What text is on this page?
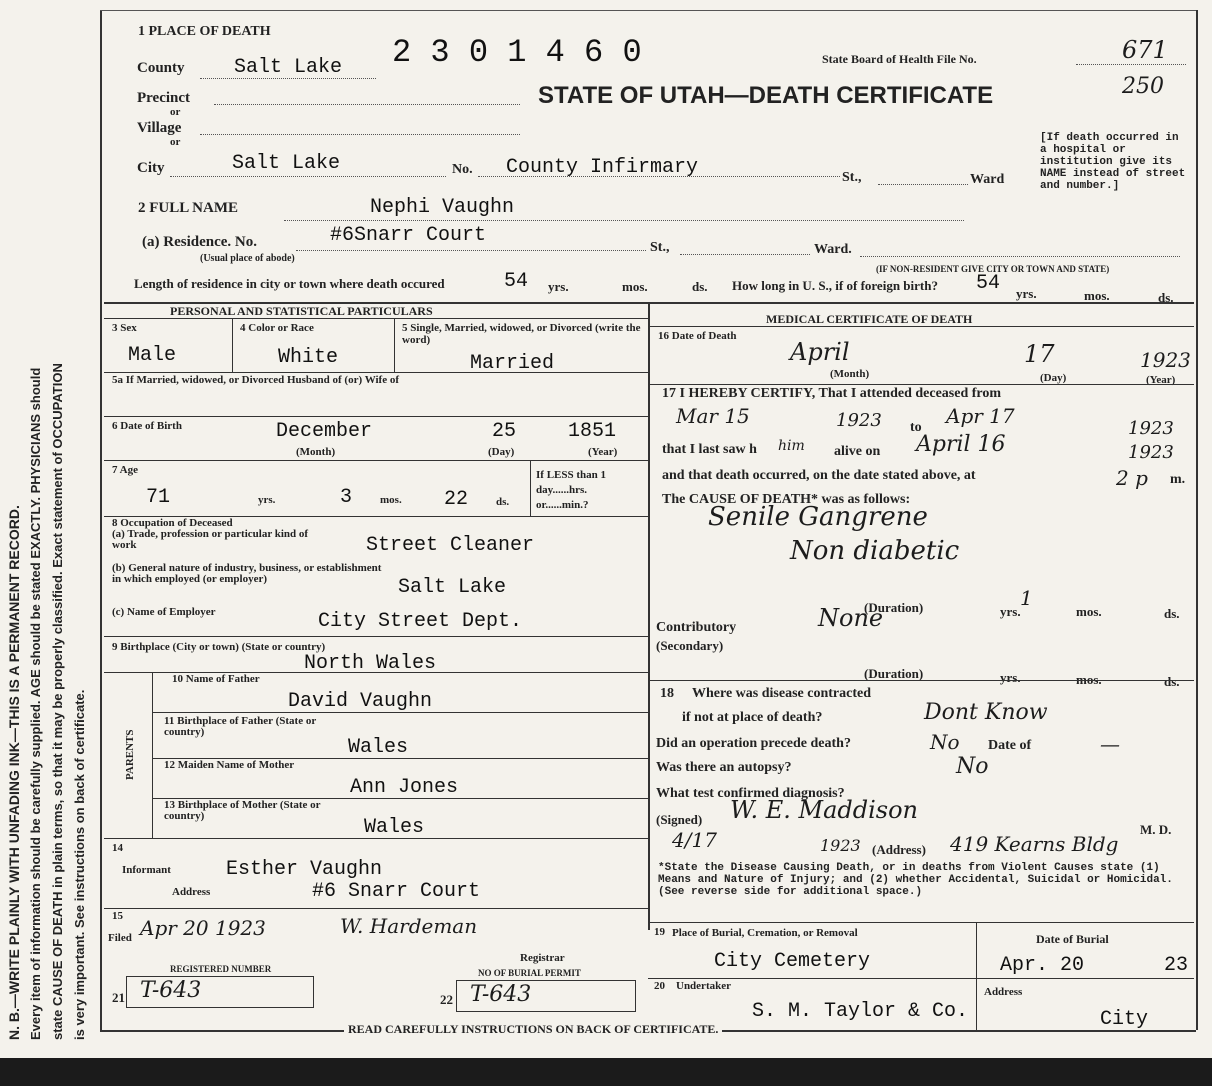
N. B.—WRITE PLAINLY WITH UNFADING INK—THIS IS A PERMANENT RECORD. Every item of information should be carefully supplied. AGE should be stated EXACTLY. PHYSICIANS should state CAUSE OF DEATH in plain terms, so that it may be properly classified. Exact statement of OCCUPATION is very important. See instructions on back of certificate.
1 PLACE OF DEATH
2 3 0 1 4 6 0	State Board of Health File No.	671
STATE OF UTAH—DEATH CERTIFICATE	250
County Salt Lake
Precinct
or
Village
or
City	Salt Lake	No. County Infirmary	St.,	Ward
[If death occurred in a hospital or institution give its NAME instead of street and number.]
2 FULL NAME	Nephi Vaughn
(a) Residence. No.	#6Snarr Court
St.,	Ward.
(Usual place of abode)
(IF NON-RESIDENT GIVE CITY OR TOWN AND STATE)
Length of residence in city or town where death occured	54 yrs.	mos.	ds. How long in U. S., if of foreign birth? 54 yrs.	mos.	ds.
PERSONAL AND STATISTICAL PARTICULARS
3 Sex
Male
4 Color or Race
White
5 Single, Married, widowed, or Divorced (write the word)
Married
5a If Married, widowed, or Divorced Husband of (or) Wife of
6 Date of Birth	December	25	1851
(Month)	(Day)	(Year)
7 Age
71	yrs.	3	mos. 22	ds.
If LESS than 1 day......hrs. or......min.?
8 Occupation of Deceased
(a) Trade, profession or particular kind of work	Street Cleaner
(b) General nature of industry, business, or establishment in which employed (or employer)	Salt Lake
(c) Name of Employer	City Street Dept.
9 Birthplace (City or town) (State or country)
North Wales
PARENTS
10 Name of Father
David Vaughn
11 Birthplace of Father (State or country)
Wales
12 Maiden Name of Mother
Ann Jones
13 Birthplace of Mother (State or country)	Wales
14
Informant	Esther Vaughn
Address	#6 Snarr Court
15
Filed Apr 20 1923	W. Hardeman
Registrar
REGISTERED NUMBER	NO OF BURIAL PERMIT
21 T-643	22 T-643
MEDICAL CERTIFICATE OF DEATH
16 Date of Death
April	17	1923
(Month)	(Day)	(Year)
17 I HEREBY CERTIFY, That I attended deceased from
Mar 15	1923 to Apr 17
1923
that I last saw h him alive on April 16	1923
and that death occurred, on the date stated above, at	2 p m.
The CAUSE OF DEATH* was as follows:
Senile Gangrene
Non diabetic
(Duration)	1
yrs.	mos.	ds.
Contributory
(Secondary)
None
(Duration)	yrs.	mos.	ds.
18 Where was disease contracted
if not at place of death?	Dont Know
Did an operation precede death?	No Date of	—
Was there an autopsy?	No
What test confirmed diagnosis?
(Signed) W. E. Maddison
M. D.
4/17	1923 (Address) 419 Kearns Bldg
*State the Disease Causing Death, or in deaths from Violent Causes state (1) Means and Nature of Injury; and (2) whether Accidental, Suicidal or Homicidal. (See reverse side for additional space.)
19 Place of Burial, Cremation, or Removal
City Cemetery
Date of Burial
Apr. 20	23
20 Undertaker
S. M. Taylor & Co.
Address
City
READ CAREFULLY INSTRUCTIONS ON BACK OF CERTIFICATE.
